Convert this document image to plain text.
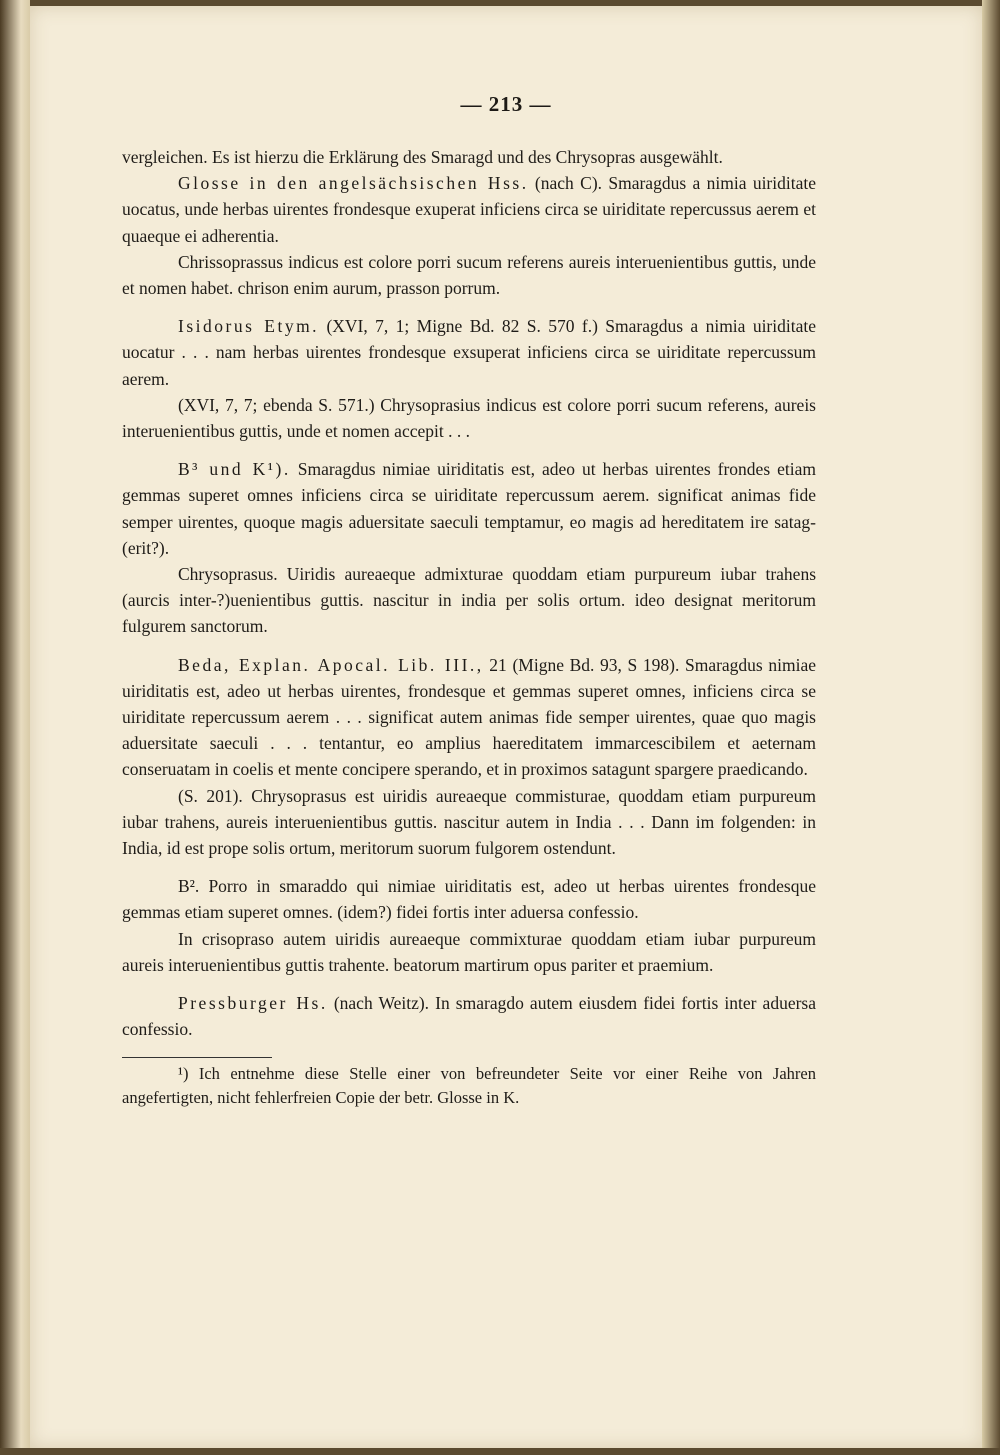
— 213 —

vergleichen. Es ist hierzu die Erklärung des Smaragd und des Chrysopras ausgewählt.

Glosse in den angelsächsischen Hss. (nach C). Smaragdus a nimia uiriditate uocatus, unde herbas uirentes frondesque exuperat inficiens circa se uiriditate repercussus aerem et quaeque ei adherentia.

Chrissoprassus indicus est colore porri sucum referens aureis interuenientibus guttis, unde et nomen habet. chrison enim aurum, prasson porrum.

Isidorus Etym. (XVI, 7, 1; Migne Bd. 82 S. 570 f.) Smaragdus a nimia uiriditate uocatur . . . nam herbas uirentes frondesque exsuperat inficiens circa se uiriditate repercussum aerem.

(XVI, 7, 7; ebenda S. 571.) Chrysoprasius indicus est colore porri sucum referens, aureis interuenientibus guttis, unde et nomen accepit . . .

B³ und K¹). Smaragdus nimiae uiriditatis est, adeo ut herbas uirentes frondes etiam gemmas superet omnes inficiens circa se uiriditate repercussum aerem. significat animas fide semper uirentes, quoque magis aduersitate saeculi temptamur, eo magis ad hereditatem ire satag-(erit?).

Chrysoprasus. Uiridis aureaeque admixturae quoddam etiam purpureum iubar trahens (aurcis inter-?)uenientibus guttis. nascitur in india per solis ortum. ideo designat meritorum fulgurem sanctorum.

Beda, Explan. Apocal. Lib. III., 21 (Migne Bd. 93, S 198). Smaragdus nimiae uiriditatis est, adeo ut herbas uirentes, frondesque et gemmas superet omnes, inficiens circa se uiriditate repercussum aerem . . . significat autem animas fide semper uirentes, quae quo magis aduersitate saeculi . . . tentantur, eo amplius haereditatem immarcescibilem et aeternam conseruatam in coelis et mente concipere sperando, et in proximos satagunt spargere praedicando.

(S. 201). Chrysoprasus est uiridis aureaeque commisturae, quoddam etiam purpureum iubar trahens, aureis interuenientibus guttis. nascitur autem in India . . . Dann im folgenden: in India, id est prope solis ortum, meritorum suorum fulgorem ostendunt.

B². Porro in smaraddo qui nimiae uiriditatis est, adeo ut herbas uirentes frondesque gemmas etiam superet omnes. (idem?) fidei fortis inter aduersa confessio.

In crisopraso autem uiridis aureaeque commixturae quoddam etiam iubar purpureum aureis interuenientibus guttis trahente. beatorum martirum opus pariter et praemium.

Pressburger Hs. (nach Weitz). In smaragdo autem eiusdem fidei fortis inter aduersa confessio.

¹) Ich entnehme diese Stelle einer von befreundeter Seite vor einer Reihe von Jahren angefertigten, nicht fehlerfreien Copie der betr. Glosse in K.
